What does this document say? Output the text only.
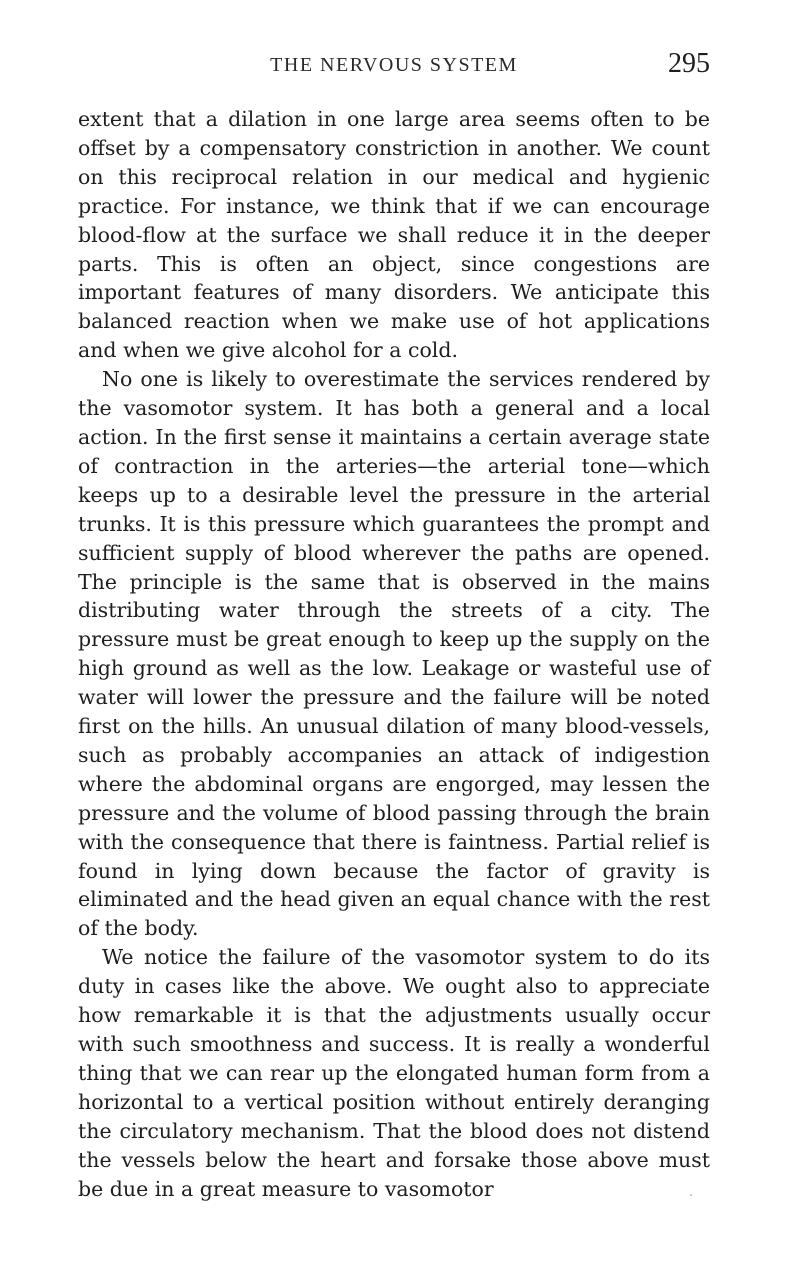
THE NERVOUS SYSTEM	295

extent that a dilation in one large area seems often to be offset by a compensatory constriction in another. We count on this reciprocal relation in our medical and hygienic practice. For instance, we think that if we can encourage blood-flow at the surface we shall reduce it in the deeper parts. This is often an object, since congestions are important features of many disorders. We anticipate this balanced reaction when we make use of hot applications and when we give alcohol for a cold.

No one is likely to overestimate the services rendered by the vasomotor system. It has both a general and a local action. In the first sense it maintains a certain average state of contraction in the arteries—the arterial tone—which keeps up to a desirable level the pressure in the arterial trunks. It is this pressure which guarantees the prompt and sufficient supply of blood wherever the paths are opened. The principle is the same that is observed in the mains distributing water through the streets of a city. The pressure must be great enough to keep up the supply on the high ground as well as the low. Leakage or wasteful use of water will lower the pressure and the failure will be noted first on the hills. An unusual dilation of many blood-vessels, such as probably accompanies an attack of indigestion where the abdominal organs are engorged, may lessen the pressure and the volume of blood passing through the brain with the consequence that there is faintness. Partial relief is found in lying down because the factor of gravity is eliminated and the head given an equal chance with the rest of the body.

We notice the failure of the vasomotor system to do its duty in cases like the above. We ought also to appreciate how remarkable it is that the adjustments usually occur with such smoothness and success. It is really a wonderful thing that we can rear up the elongated human form from a horizontal to a vertical position without entirely deranging the circulatory mechanism. That the blood does not distend the vessels below the heart and forsake those above must be due in a great measure to vasomotor
